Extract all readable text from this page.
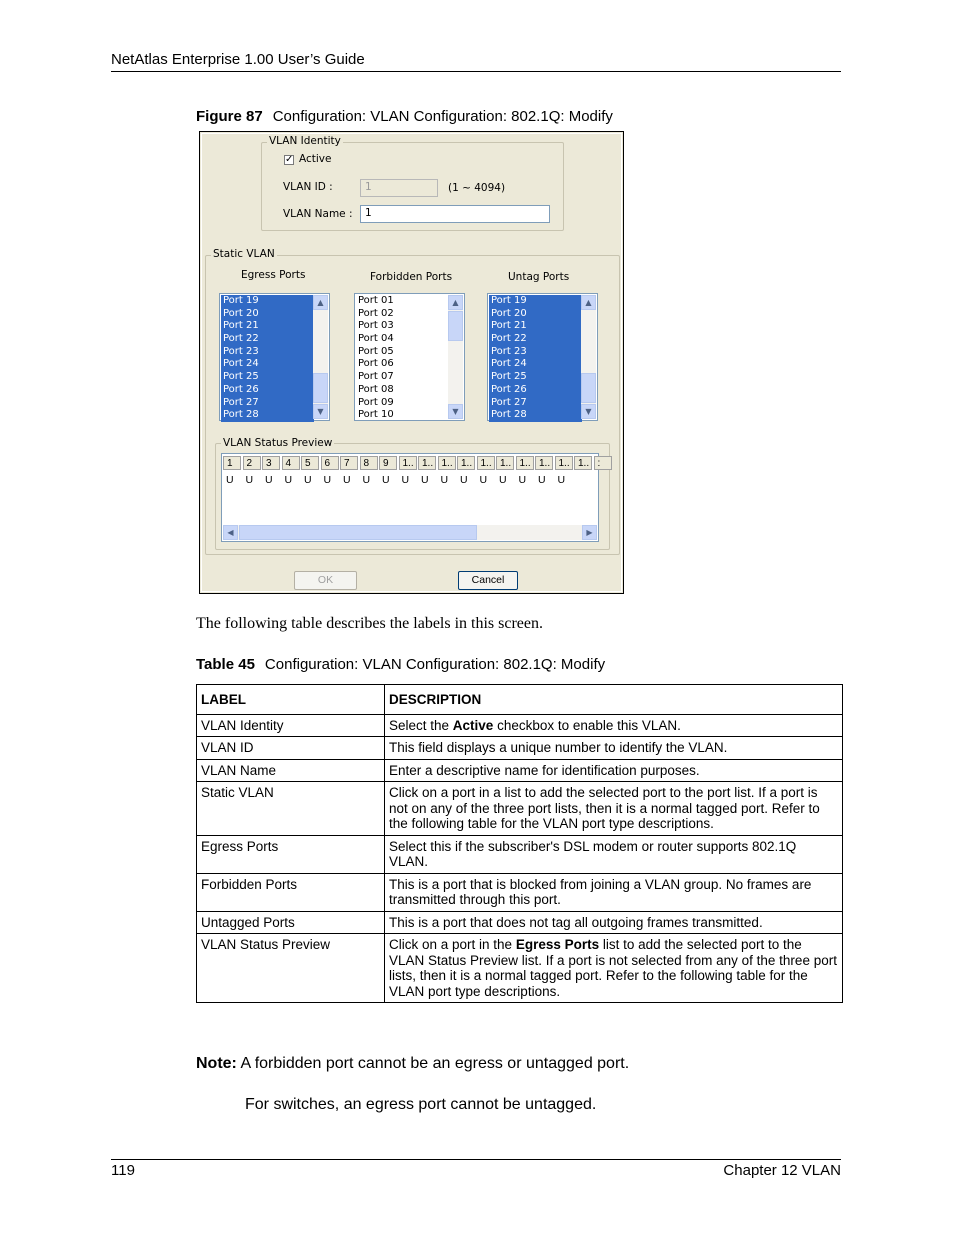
NetAtlas Enterprise 1.00 User’s Guide
Figure 87 Configuration: VLAN Configuration: 802.1Q: Modify
VLAN Identity
✓ Active
VLAN ID :	1	(1 ~ 4094)
VLAN Name :	1
Static VLAN
Egress Ports	Forbidden Ports	Untag Ports
Port 19
Port 20
Port 21
Port 22
Port 23
Port 24
Port 25
Port 26
Port 27
Port 28
▲
▼
Port 01
Port 02
Port 03
Port 04
Port 05
Port 06
Port 07
Port 08
Port 09
Port 10
▲
▼
Port 19
Port 20
Port 21
Port 22
Port 23
Port 24
Port 25
Port 26
Port 27
Port 28
▲
▼
VLAN Status Preview
1	2	3	4	5	6	7	8	9	1.. 1.. 1.. 1.. 1.. 1.. 1.. 1.. 1.. 1.. :
U U U U U U U U U U U U U U U U U U
◀	▶
OK	Cancel
The following table describes the labels in this screen.
Table 45 Configuration: VLAN Configuration: 802.1Q: Modify
LABEL	DESCRIPTION
VLAN Identity	Select the Active checkbox to enable this VLAN.
VLAN ID	This field displays a unique number to identify the VLAN.
VLAN Name	Enter a descriptive name for identification purposes.
Static VLAN	Click on a port in a list to add the selected port to the port list. If a port is not on any of the three port lists, then it is a normal tagged port. Refer to the following table for the VLAN port type descriptions.
Egress Ports	Select this if the subscriber's DSL modem or router supports 802.1Q VLAN.
Forbidden Ports	This is a port that is blocked from joining a VLAN group. No frames are transmitted through this port.
Untagged Ports	This is a port that does not tag all outgoing frames transmitted.
VLAN Status Preview	Click on a port in the Egress Ports list to add the selected port to the VLAN Status Preview list. If a port is not selected from any of the three port lists, then it is a normal tagged port. Refer to the following table for the VLAN port type descriptions.
Note: A forbidden port cannot be an egress or untagged port.
For switches, an egress port cannot be untagged.
119	Chapter 12 VLAN
